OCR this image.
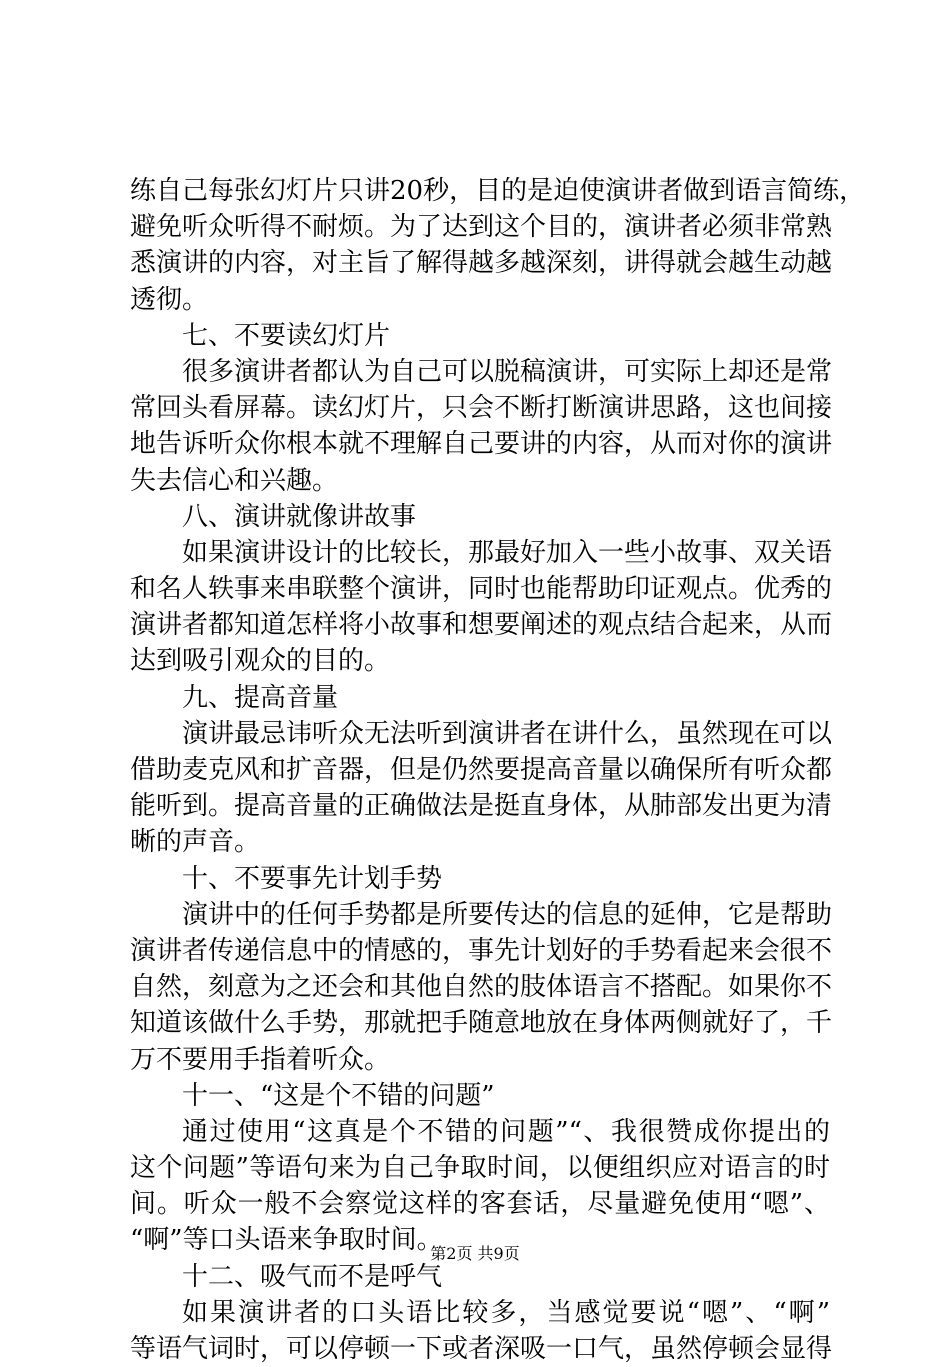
练自己每张幻灯片只讲20秒，目的是迫使演讲者做到语言简练，
避免听众听得不耐烦。为了达到这个目的，演讲者必须非常熟
悉演讲的内容，对主旨了解得越多越深刻，讲得就会越生动越
透彻。
七、不要读幻灯片
很多演讲者都认为自己可以脱稿演讲，可实际上却还是常
常回头看屏幕。读幻灯片，只会不断打断演讲思路，这也间接
地告诉听众你根本就不理解自己要讲的内容，从而对你的演讲
失去信心和兴趣。
八、演讲就像讲故事
如果演讲设计的比较长，那最好加入一些小故事、双关语
和名人轶事来串联整个演讲，同时也能帮助印证观点。优秀的
演讲者都知道怎样将小故事和想要阐述的观点结合起来，从而
达到吸引观众的目的。
九、提高音量
演讲最忌讳听众无法听到演讲者在讲什么，虽然现在可以
借助麦克风和扩音器，但是仍然要提高音量以确保所有听众都
能听到。提高音量的正确做法是挺直身体，从肺部发出更为清
晰的声音。
十、不要事先计划手势
演讲中的任何手势都是所要传达的信息的延伸，它是帮助
演讲者传递信息中的情感的，事先计划好的手势看起来会很不
自然，刻意为之还会和其他自然的肢体语言不搭配。如果你不
知道该做什么手势，那就把手随意地放在身体两侧就好了，千
万不要用手指着听众。
十一、“这是个不错的问题”
通过使用“这真是个不错的问题”“、我很赞成你提出的
这个问题”等语句来为自己争取时间，以便组织应对语言的时
间。听众一般不会察觉这样的客套话，尽量避免使用“嗯”、
“啊”等口头语来争取时间。
十二、吸气而不是呼气
如果演讲者的口头语比较多，当感觉要说“嗯”、“啊”
等语气词时，可以停顿一下或者深吸一口气，虽然停顿会显得
第2页 共9页
